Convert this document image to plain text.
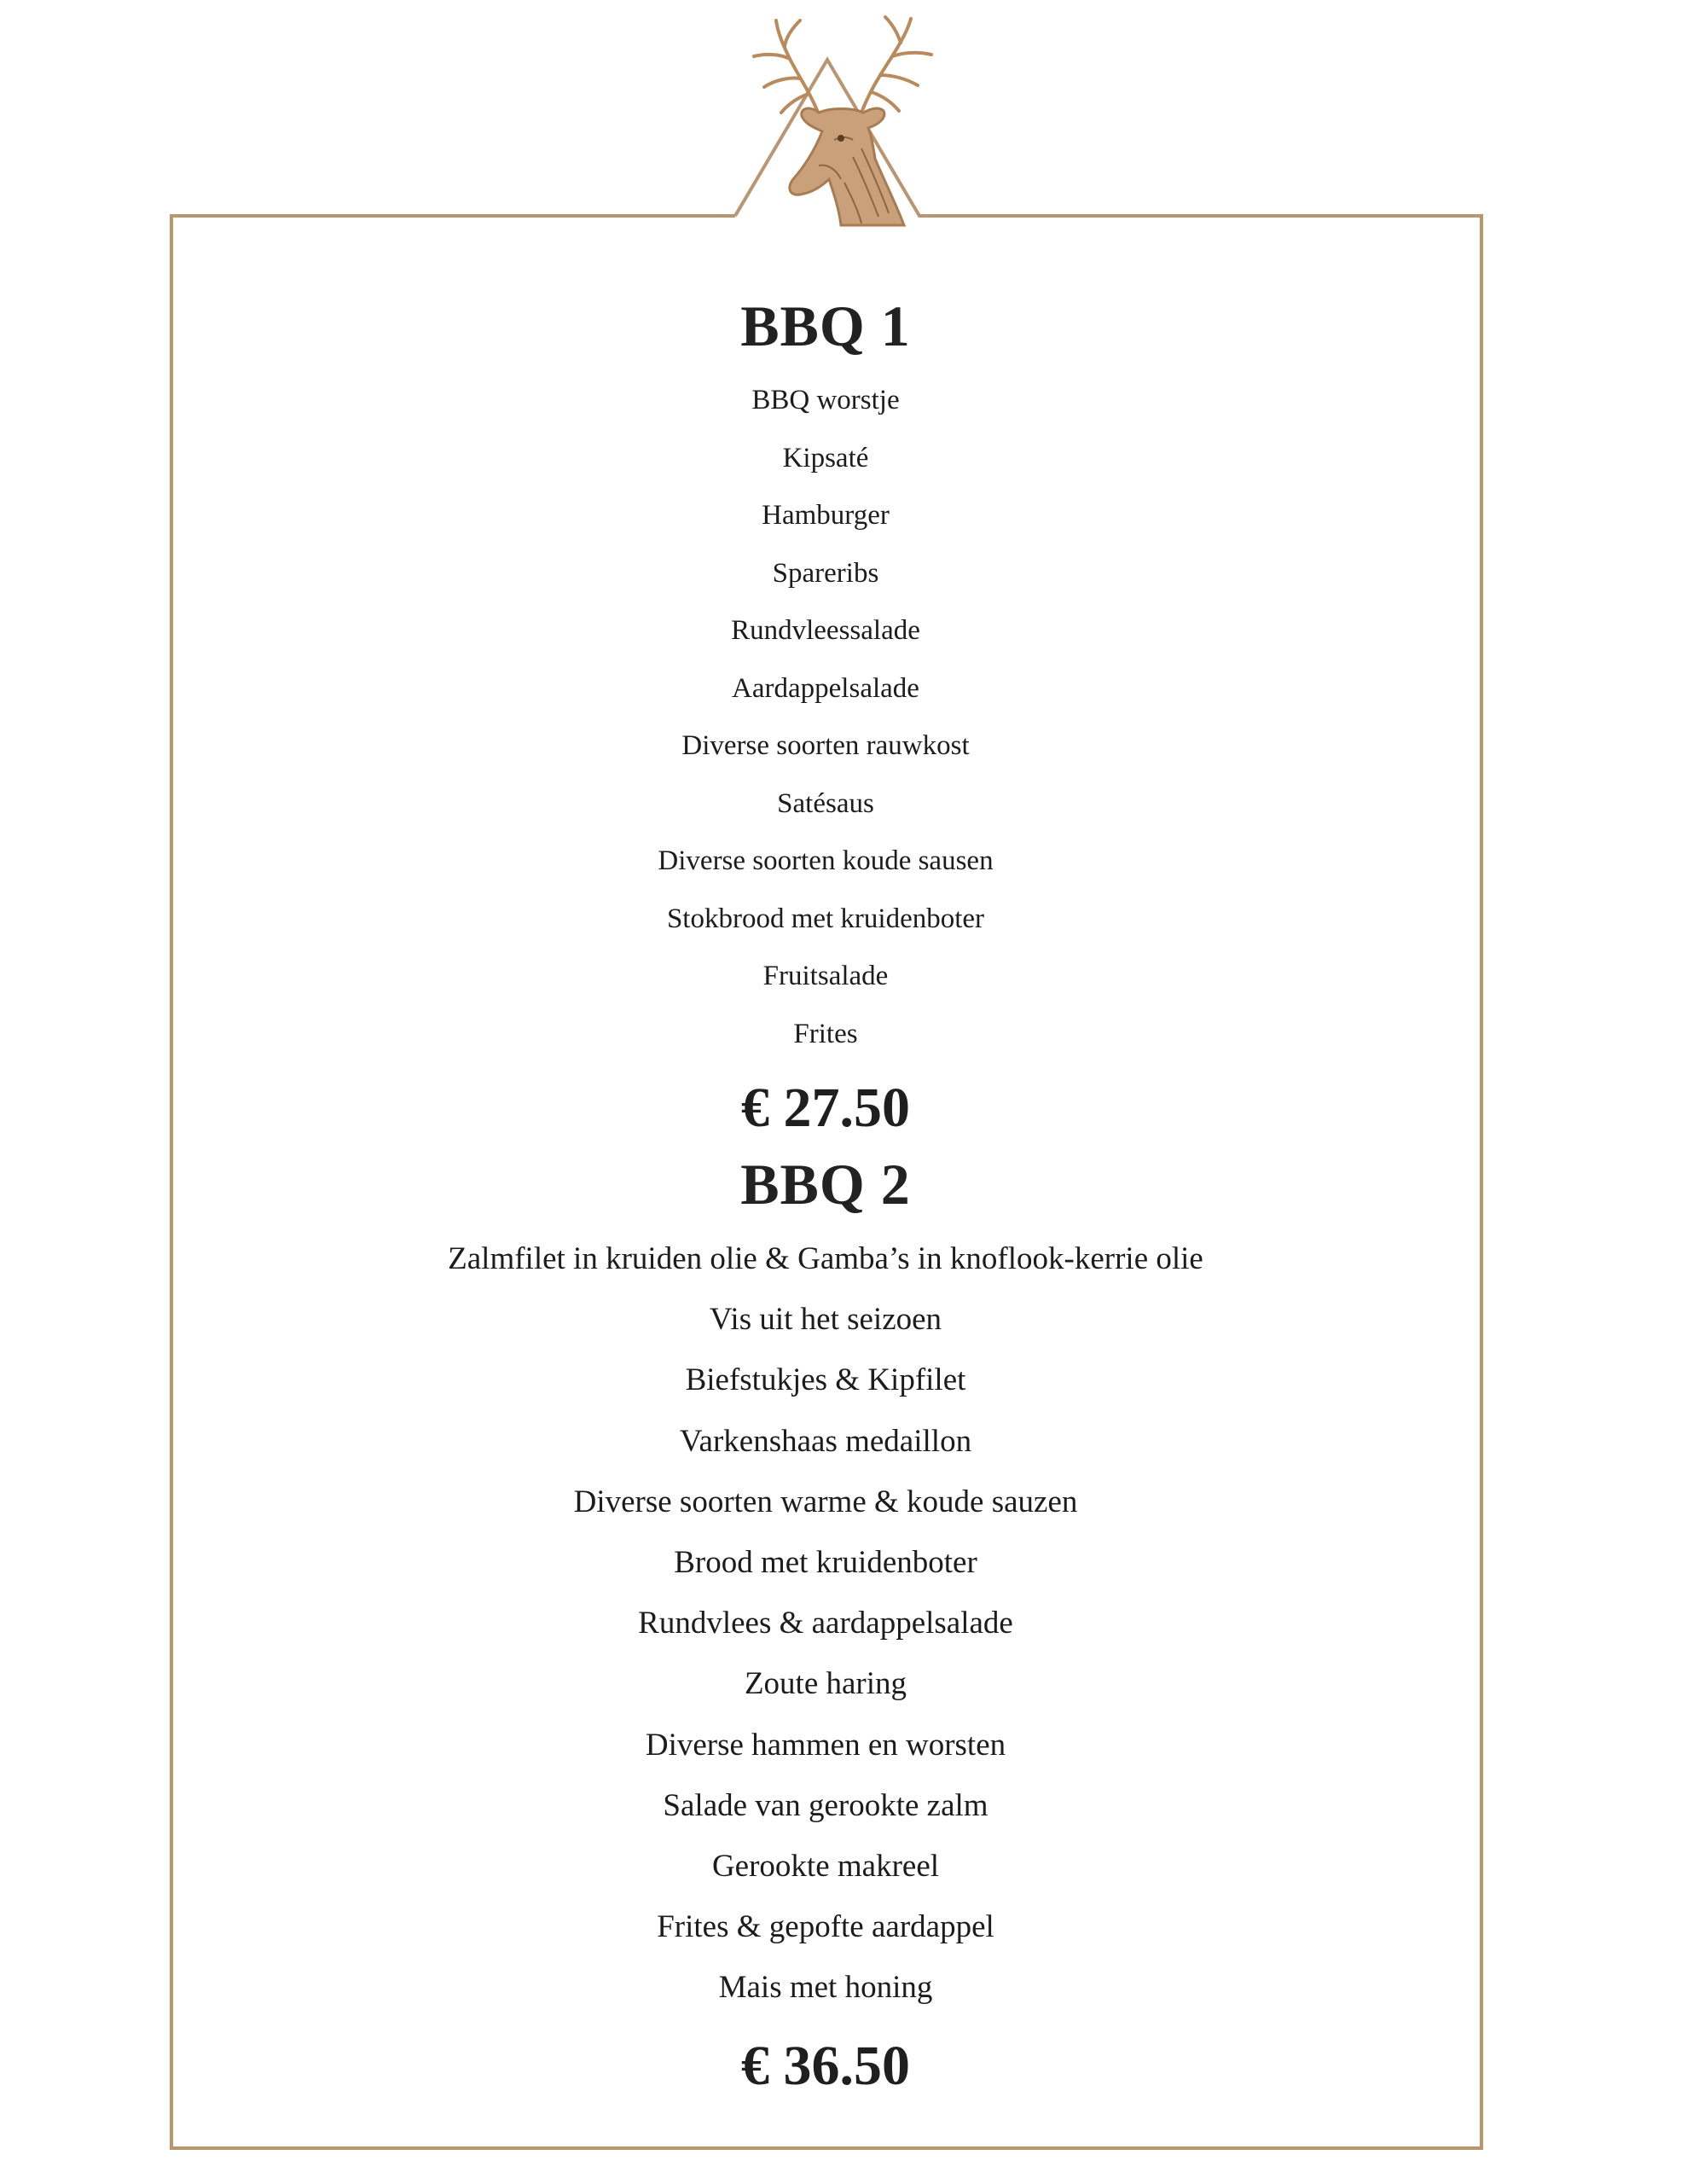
BBQ 1
BBQ worstje
Kipsaté
Hamburger
Spareribs
Rundvleessalade
Aardappelsalade
Diverse soorten rauwkost
Satésaus
Diverse soorten koude sausen
Stokbrood met kruidenboter
Fruitsalade
Frites

€ 27.50

BBQ 2
Zalmfilet in kruiden olie & Gamba’s in knoflook-kerrie olie
Vis uit het seizoen
Biefstukjes & Kipfilet
Varkenshaas medaillon
Diverse soorten warme & koude sauzen
Brood met kruidenboter
Rundvlees & aardappelsalade
Zoute haring
Diverse hammen en worsten
Salade van gerookte zalm
Gerookte makreel
Frites & gepofte aardappel
Mais met honing

€ 36.50
